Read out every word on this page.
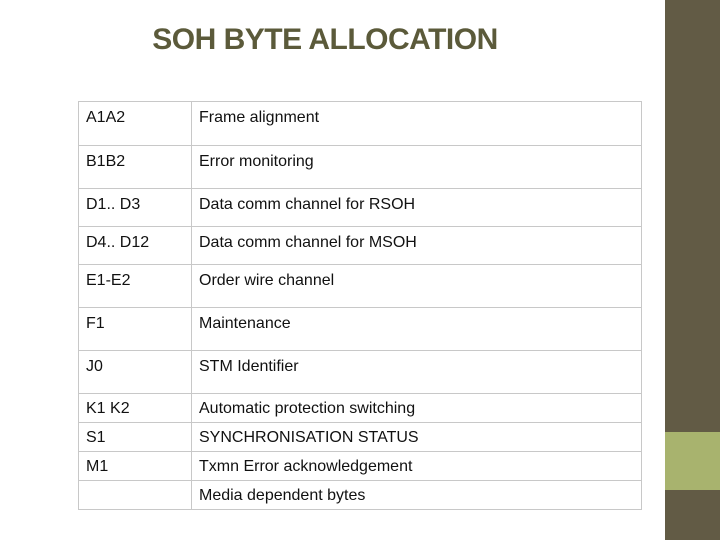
SOH BYTE ALLOCATION
A1A2	Frame alignment

B1B2	Error monitoring

D1.. D3	Data comm channel for RSOH

D4.. D12	Data comm channel for MSOH

E1-E2	Order wire channel

F1	Maintenance

J0	STM Identifier

K1 K2	Automatic protection switching

S1	SYNCHRONISATION STATUS

M1	Txmn Error acknowledgement

	Media dependent bytes
